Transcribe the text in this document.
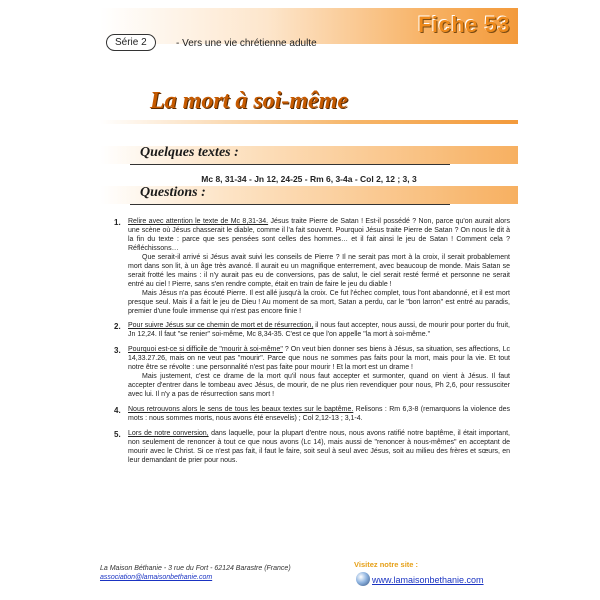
Fiche 53
Série 2	- Vers une vie chrétienne adulte
La mort à soi-même
Quelques textes :
Mc 8, 31-34 - Jn 12, 24-25 - Rm 6, 3-4a - Col 2, 12 ; 3, 3
Questions :
1.	Relire avec attention le texte de Mc 8,31-34. Jésus traite Pierre de Satan ! Est-il possédé ? Non, parce qu'on aurait alors une scène où Jésus chasserait le diable, comme il l'a fait souvent. Pourquoi Jésus traite Pierre de Satan ? On nous le dit à la fin du texte : parce que ses pensées sont celles des hommes… et il fait ainsi le jeu de Satan ! Comment cela ? Réfléchissons…

Que serait-il arrivé si Jésus avait suivi les conseils de Pierre ? Il ne serait pas mort à la croix, il serait probablement mort dans son lit, à un âge très avancé. Il aurait eu un magnifique enterrement, avec beaucoup de monde. Mais Satan se serait frotté les mains : il n'y aurait pas eu de conversions, pas de salut, le ciel serait resté fermé et personne ne serait entré au ciel ! Pierre, sans s'en rendre compte, était en train de faire le jeu du diable !

Mais Jésus n'a pas écouté Pierre. Il est allé jusqu'à la croix. Ce fut l'échec complet, tous l'ont abandonné, et il est mort presque seul. Mais il a fait le jeu de Dieu ! Au moment de sa mort, Satan a perdu, car le "bon larron" est entré au paradis, premier d'une foule immense qui n'est pas encore finie !

2.	Pour suivre Jésus sur ce chemin de mort et de résurrection, il nous faut accepter, nous aussi, de mourir pour porter du fruit, Jn 12,24. Il faut "se renier" soi-même, Mc 8,34-35. C'est ce que l'on appelle "la mort à soi-même."

3.	Pourquoi est-ce si difficile de "mourir à soi-même" ? On veut bien donner ses biens à Jésus, sa situation, ses affections, Lc 14,33.27.26, mais on ne veut pas "mourir". Parce que nous ne sommes pas faits pour la mort, mais pour la vie. Et tout notre être se révolte : une personnalité n'est pas faite pour mourir ! Et la mort est un drame !

Mais justement, c'est ce drame de la mort qu'il nous faut accepter et surmonter, quand on vient à Jésus. Il faut accepter d'entrer dans le tombeau avec Jésus, de mourir, de ne plus rien revendiquer pour nous, Ph 2,6, pour ressusciter avec lui. Il n'y a pas de résurrection sans mort !

4.	Nous retrouvons alors le sens de tous les beaux textes sur le baptême. Relisons : Rm 6,3-8 (remarquons la violence des mots : nous sommes morts, nous avons été ensevelis) ; Col 2,12-13 ; 3,1-4.

5.	Lors de notre conversion, dans laquelle, pour la plupart d'entre nous, nous avons ratifié notre baptême, il était important, non seulement de renoncer à tout ce que nous avons (Lc 14), mais aussi de "renoncer à nous-mêmes" en acceptant de mourir avec le Christ. Si ce n'est pas fait, il faut le faire, soit seul à seul avec Jésus, soit au milieu des frères et sœurs, en leur demandant de prier pour nous.

La Maison Béthanie - 3 rue du Fort - 62124 Barastre (France)
association@lamaisonbethanie.com
Visitez notre site :
www.lamaisonbethanie.com
